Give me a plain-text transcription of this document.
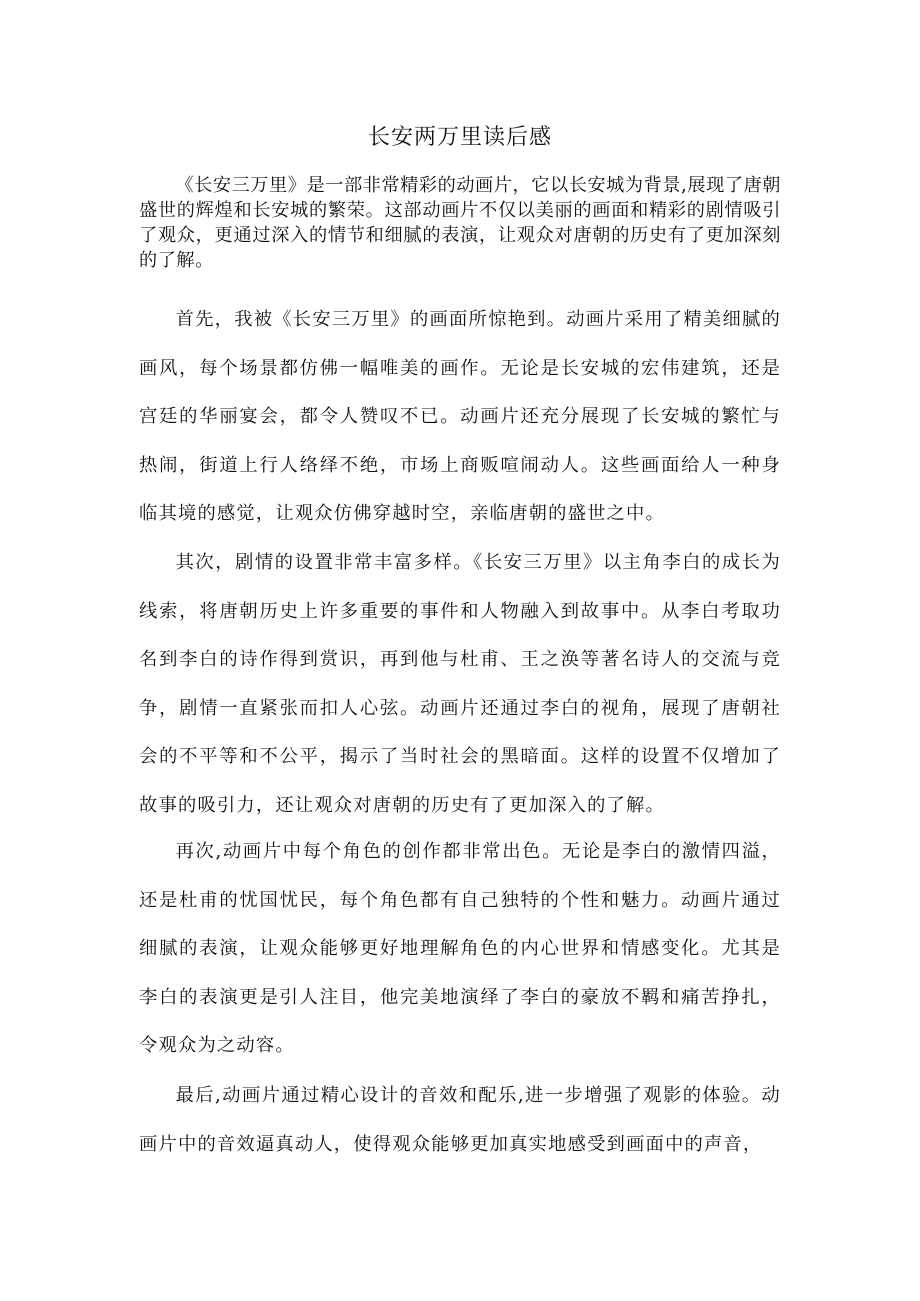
长安两万里读后感

《长安三万里》是一部非常精彩的动画片，它以长安城为背景,展现了唐朝盛世的辉煌和长安城的繁荣。这部动画片不仅以美丽的画面和精彩的剧情吸引了观众，更通过深入的情节和细腻的表演，让观众对唐朝的历史有了更加深刻的了解。

首先，我被《长安三万里》的画面所惊艳到。动画片采用了精美细腻的画风，每个场景都仿佛一幅唯美的画作。无论是长安城的宏伟建筑，还是宫廷的华丽宴会，都令人赞叹不已。动画片还充分展现了长安城的繁忙与热闹，街道上行人络绎不绝，市场上商贩喧闹动人。这些画面给人一种身临其境的感觉，让观众仿佛穿越时空，亲临唐朝的盛世之中。

其次，剧情的设置非常丰富多样。《长安三万里》以主角李白的成长为线索，将唐朝历史上许多重要的事件和人物融入到故事中。从李白考取功名到李白的诗作得到赏识，再到他与杜甫、王之涣等著名诗人的交流与竞争，剧情一直紧张而扣人心弦。动画片还通过李白的视角，展现了唐朝社会的不平等和不公平，揭示了当时社会的黑暗面。这样的设置不仅增加了故事的吸引力，还让观众对唐朝的历史有了更加深入的了解。

再次,动画片中每个角色的创作都非常出色。无论是李白的激情四溢，还是杜甫的忧国忧民，每个角色都有自己独特的个性和魅力。动画片通过细腻的表演，让观众能够更好地理解角色的内心世界和情感变化。尤其是李白的表演更是引人注目，他完美地演绎了李白的豪放不羁和痛苦挣扎，令观众为之动容。

最后,动画片通过精心设计的音效和配乐,进一步增强了观影的体验。动画片中的音效逼真动人，使得观众能够更加真实地感受到画面中的声音，
